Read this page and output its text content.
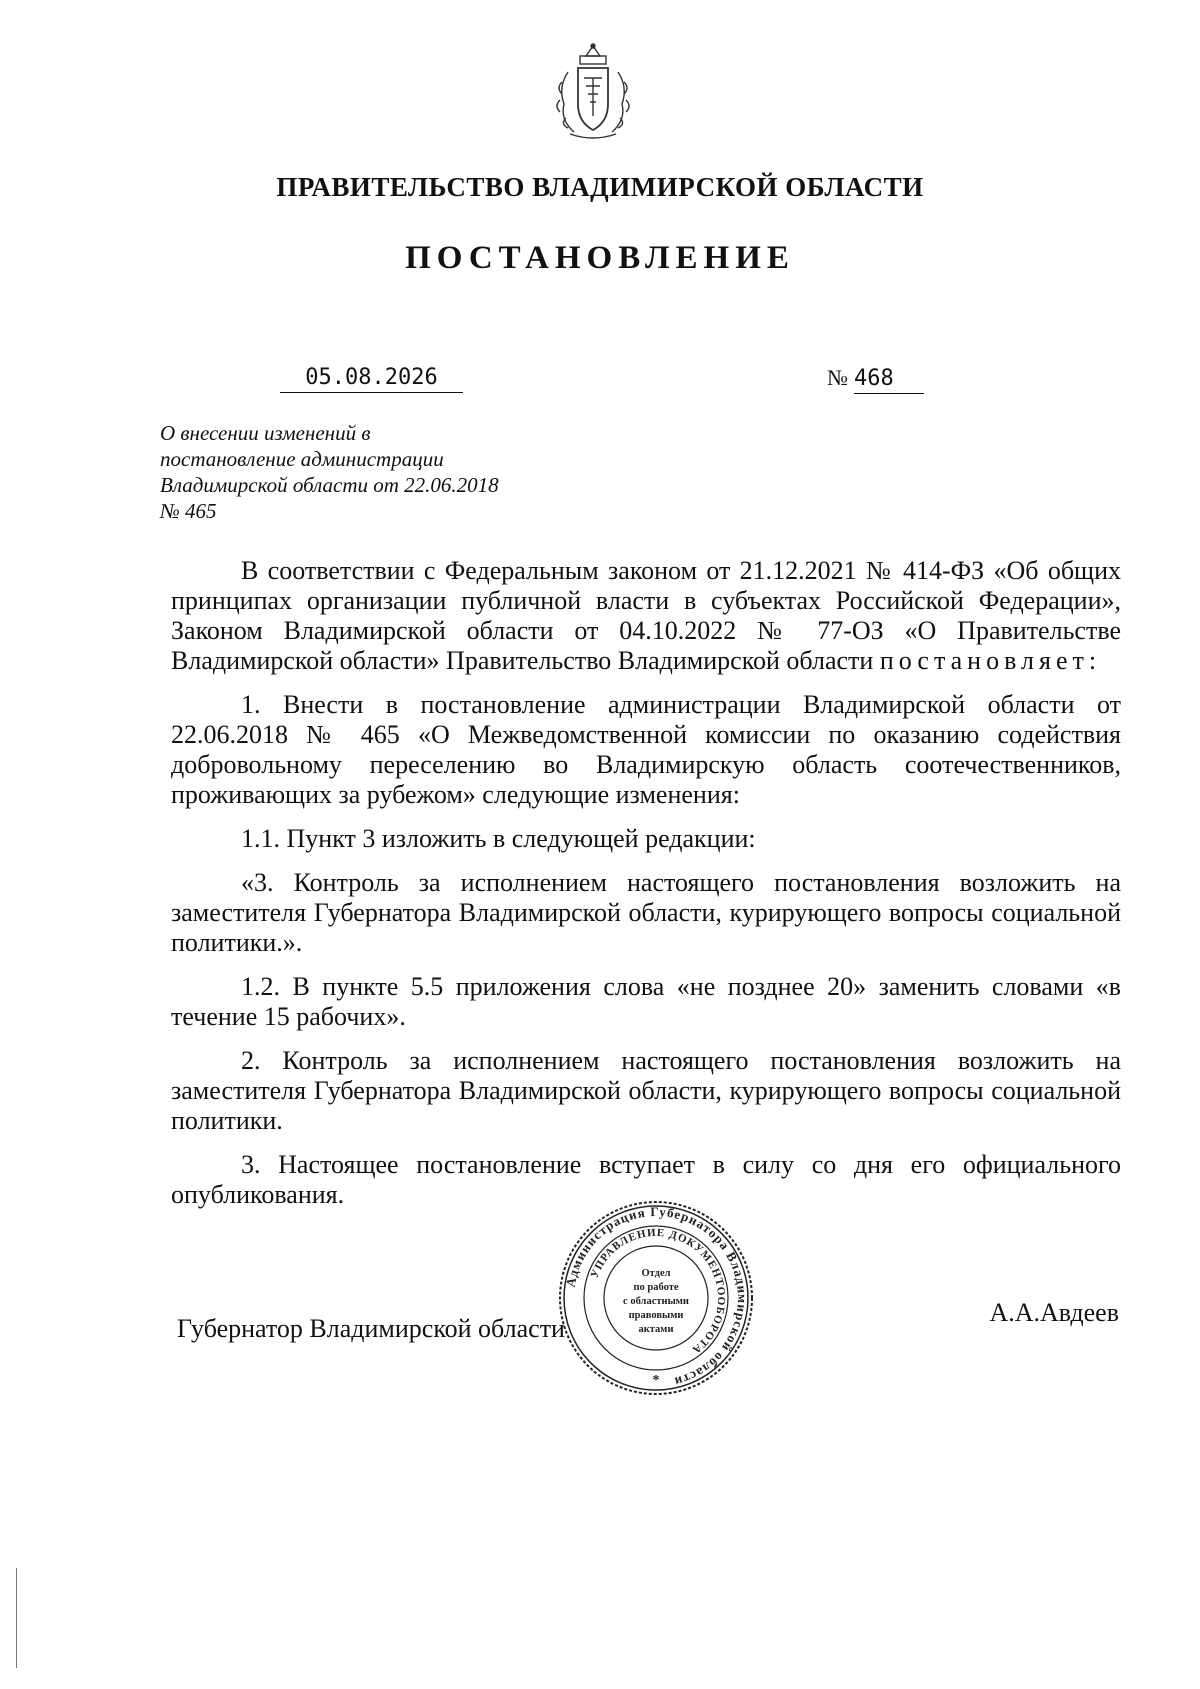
ПРАВИТЕЛЬСТВО ВЛАДИМИРСКОЙ ОБЛАСТИ
ПОСТАНОВЛЕНИЕ
05.08.2026	№ 468
О внесении изменений в
постановление администрации
Владимирской области от 22.06.2018
№ 465

В соответствии с Федеральным законом от 21.12.2021 № 414-ФЗ «Об общих принципах организации публичной власти в субъектах Российской Федерации», Законом Владимирской области от 04.10.2022 № 77-ОЗ «О Правительстве Владимирской области» Правительство Владимирской области постановляет:

1. Внести в постановление администрации Владимирской области от 22.06.2018 № 465 «О Межведомственной комиссии по оказанию содействия добровольному переселению во Владимирскую область соотечественников, проживающих за рубежом» следующие изменения:

1.1. Пункт 3 изложить в следующей редакции:

«3. Контроль за исполнением настоящего постановления возложить на заместителя Губернатора Владимирской области, курирующего вопросы социальной политики.».

1.2. В пункте 5.5 приложения слова «не позднее 20» заменить словами «в течение 15 рабочих».

2. Контроль за исполнением настоящего постановления возложить на заместителя Губернатора Владимирской области, курирующего вопросы социальной политики.

3. Настоящее постановление вступает в силу со дня его официального опубликования.

Губернатор Владимирской области
А.А.Авдеев
Администрация Губернатора Владимирской области
УПРАВЛЕНИЕ ДОКУМЕНТООБОРОТА
Отдел
по работе
с областными
правовыми
актами
*
